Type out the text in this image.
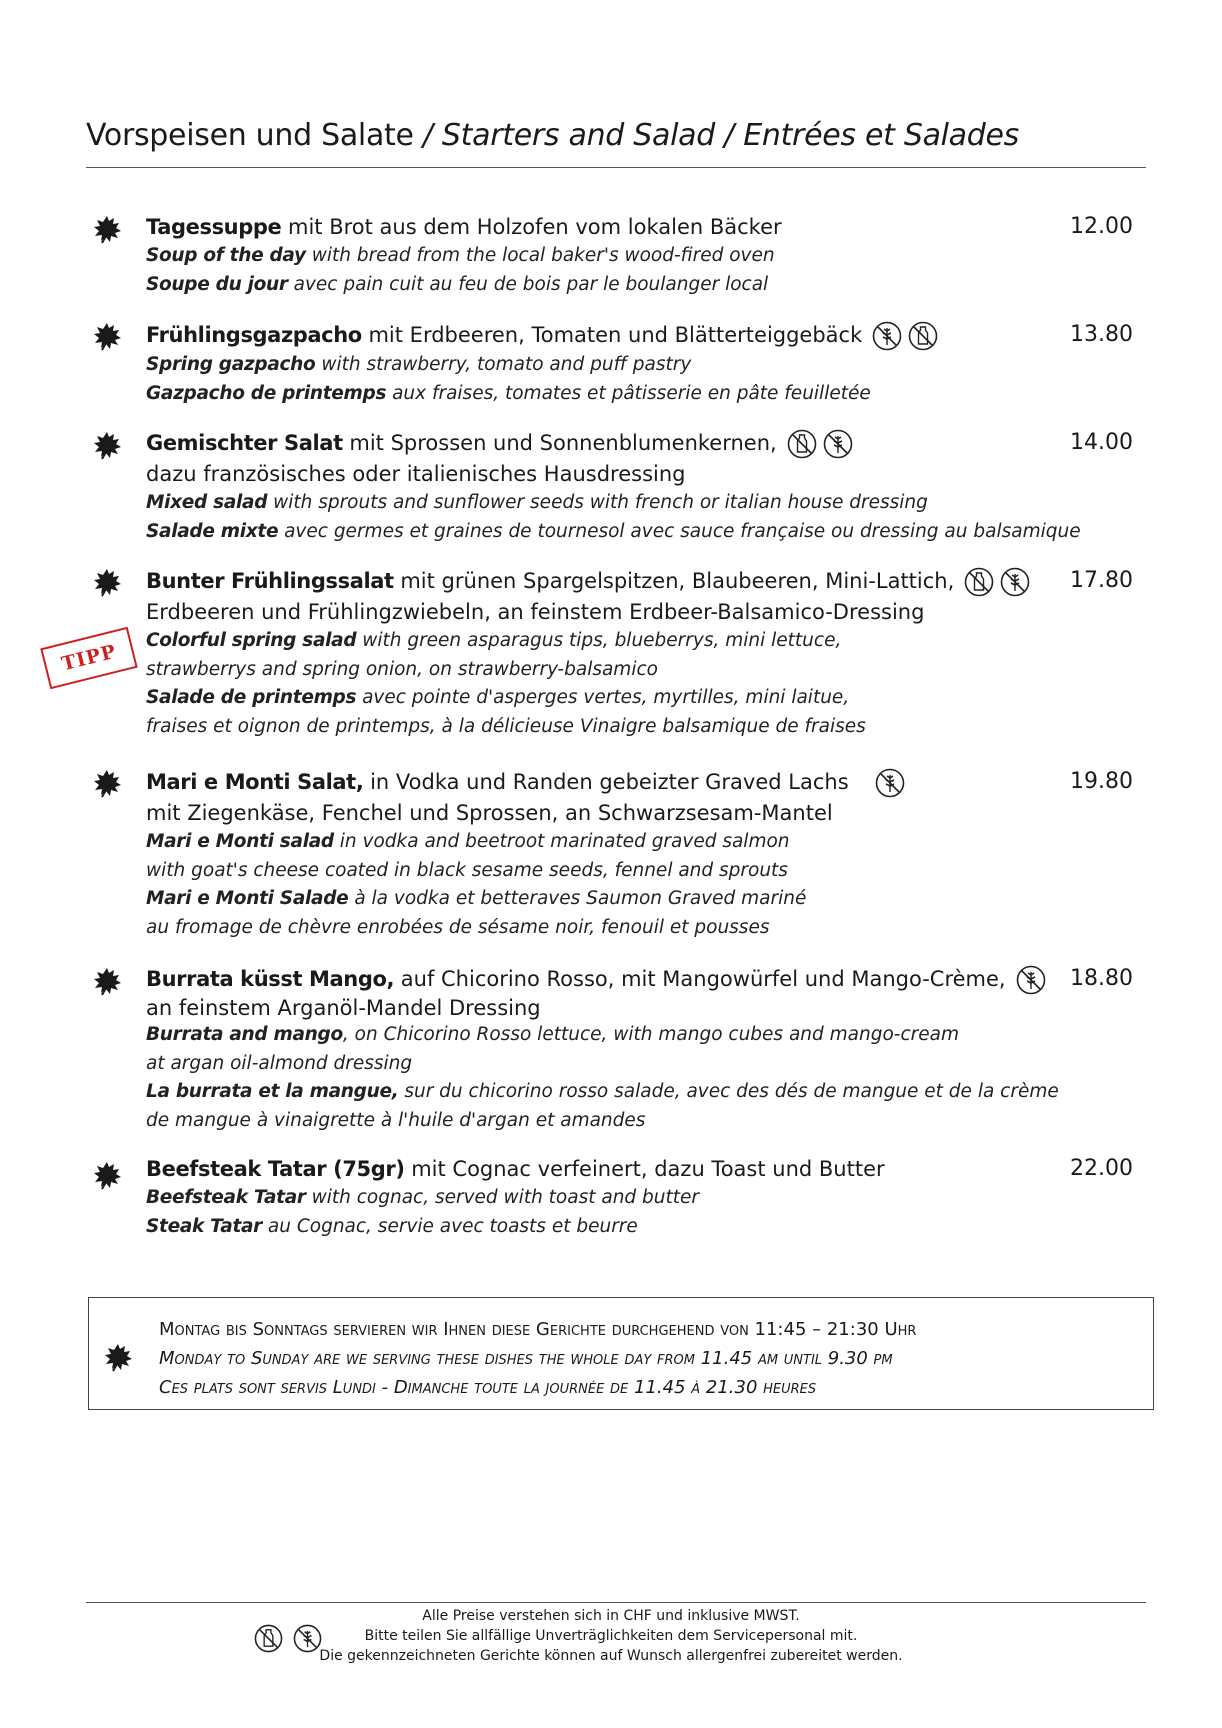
Vorspeisen und Salate / Starters and Salad / Entrées et Salades
Tagessuppe mit Brot aus dem Holzofen vom lokalen Bäcker
Soup of the day with bread from the local baker's wood-fired oven
Soupe du jour avec pain cuit au feu de bois par le boulanger local
12.00
Frühlingsgazpacho mit Erdbeeren, Tomaten und Blätterteiggebäck
Spring gazpacho with strawberry, tomato and puff pastry
Gazpacho de printemps aux fraises, tomates et pâtisserie en pâte feuilletée
13.80
Gemischter Salat mit Sprossen und Sonnenblumenkernen,
dazu französisches oder italienisches Hausdressing
Mixed salad with sprouts and sunflower seeds with french or italian house dressing
Salade mixte avec germes et graines de tournesol avec sauce française ou dressing au balsamique
14.00
TIPP
Bunter Frühlingssalat mit grünen Spargelspitzen, Blaubeeren, Mini-Lattich,
Erdbeeren und Frühlingzwiebeln, an feinstem Erdbeer-Balsamico-Dressing
Colorful spring salad with green asparagus tips, blueberrys, mini lettuce,
strawberrys and spring onion, on strawberry-balsamico
Salade de printemps avec pointe d'asperges vertes, myrtilles, mini laitue,
fraises et oignon de printemps, à la délicieuse Vinaigre balsamique de fraises
17.80
Mari e Monti Salat, in Vodka und Randen gebeizter Graved Lachs
mit Ziegenkäse, Fenchel und Sprossen, an Schwarzsesam-Mantel
Mari e Monti salad in vodka and beetroot marinated graved salmon
with goat's cheese coated in black sesame seeds, fennel and sprouts
Mari e Monti Salade à la vodka et betteraves Saumon Graved mariné
au fromage de chèvre enrobées de sésame noir, fenouil et pousses
19.80
Burrata küsst Mango, auf Chicorino Rosso, mit Mangowürfel und Mango-Crème,
an feinstem Arganöl-Mandel Dressing
Burrata and mango, on Chicorino Rosso lettuce, with mango cubes and mango-cream
at argan oil-almond dressing
La burrata et la mangue, sur du chicorino rosso salade, avec des dés de mangue et de la crème
de mangue à vinaigrette à l'huile d'argan et amandes
18.80
Beefsteak Tatar (75gr) mit Cognac verfeinert, dazu Toast und Butter
Beefsteak Tatar with cognac, served with toast and butter
Steak Tatar au Cognac, servie avec toasts et beurre
22.00
Montag bis Sonntags servieren wir Ihnen diese Gerichte durchgehend von 11:45 – 21:30 Uhr
Monday to Sunday are we serving these dishes the whole day from 11.45 am until 9.30 pm
Ces plats sont servis Lundi - Dimanche toute la journée de 11.45 à 21.30 heures
Alle Preise verstehen sich in CHF und inklusive MWST.
Bitte teilen Sie allfällige Unverträglichkeiten dem Servicepersonal mit.
Die gekennzeichneten Gerichte können auf Wunsch allergenfrei zubereitet werden.
